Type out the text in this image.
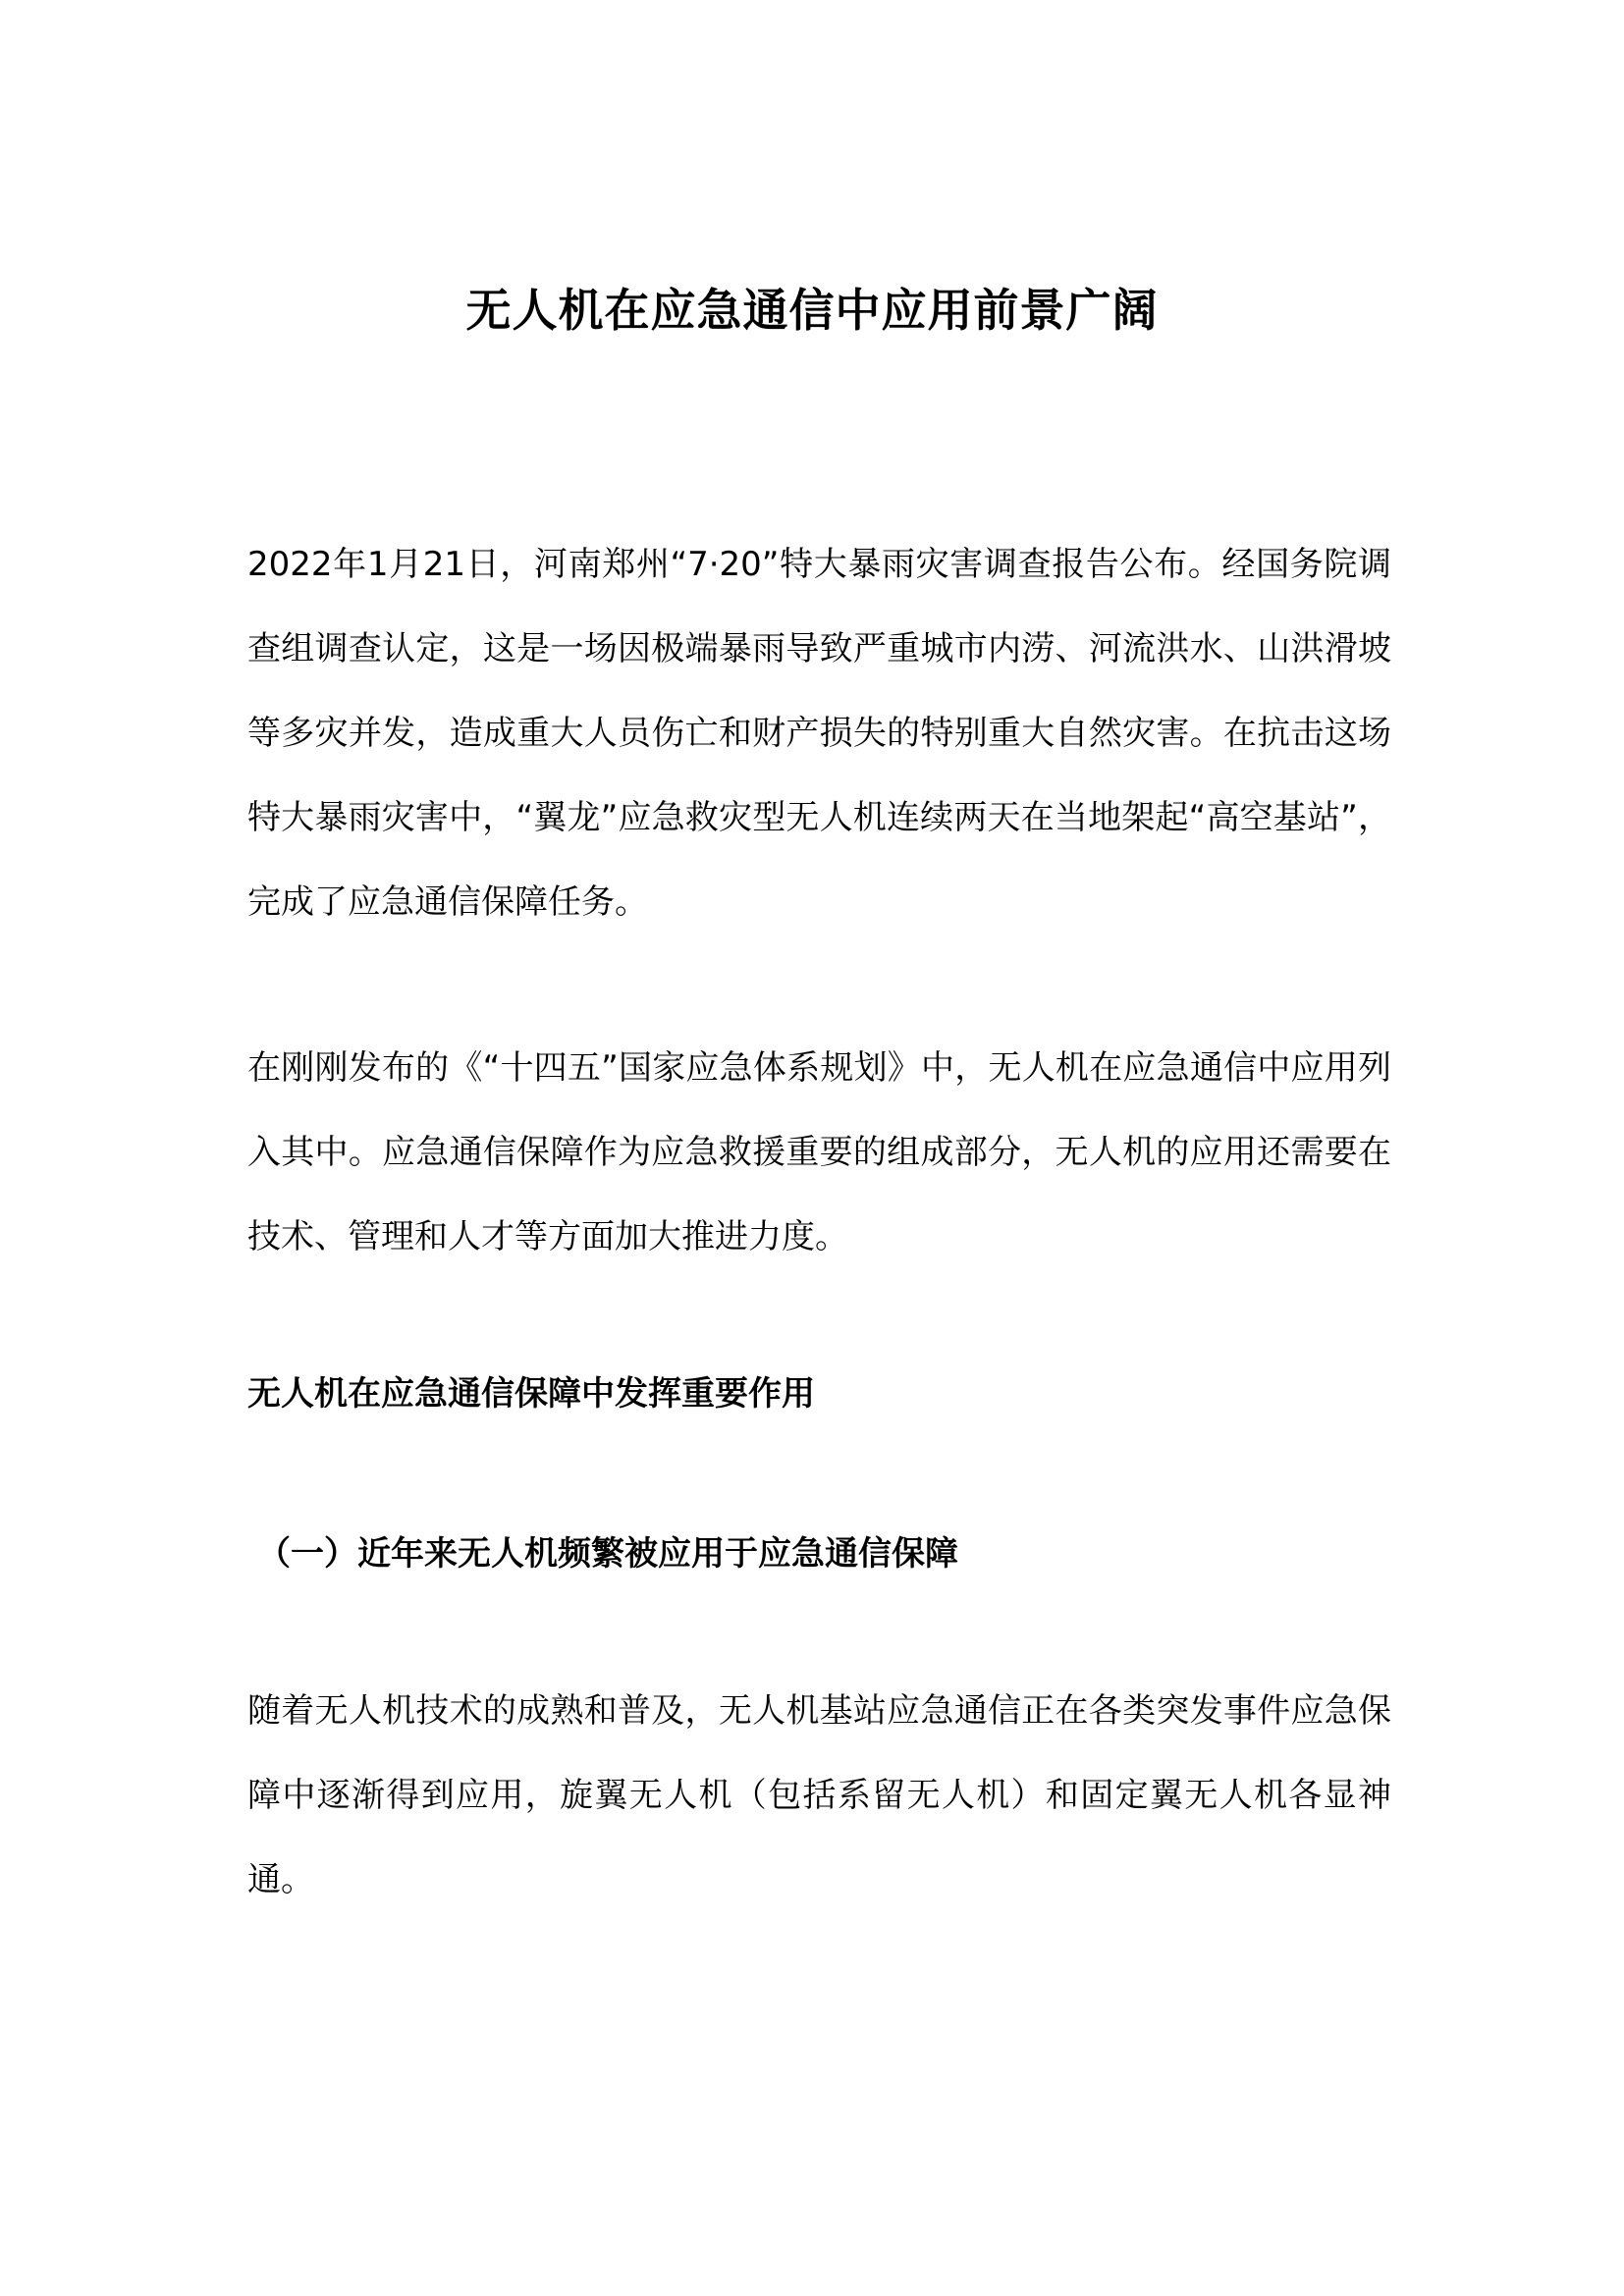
无人机在应急通信中应用前景广阔

2022年1月21日，河南郑州“7·20”特大暴雨灾害调查报告公布。经国务院调查组调查认定，这是一场因极端暴雨导致严重城市内涝、河流洪水、山洪滑坡等多灾并发，造成重大人员伤亡和财产损失的特别重大自然灾害。在抗击这场特大暴雨灾害中，“翼龙”应急救灾型无人机连续两天在当地架起“高空基站”，完成了应急通信保障任务。

在刚刚发布的《“十四五”国家应急体系规划》中，无人机在应急通信中应用列入其中。应急通信保障作为应急救援重要的组成部分，无人机的应用还需要在技术、管理和人才等方面加大推进力度。

无人机在应急通信保障中发挥重要作用
（一）近年来无人机频繁被应用于应急通信保障

随着无人机技术的成熟和普及，无人机基站应急通信正在各类突发事件应急保障中逐渐得到应用，旋翼无人机（包括系留无人机）和固定翼无人机各显神通。
